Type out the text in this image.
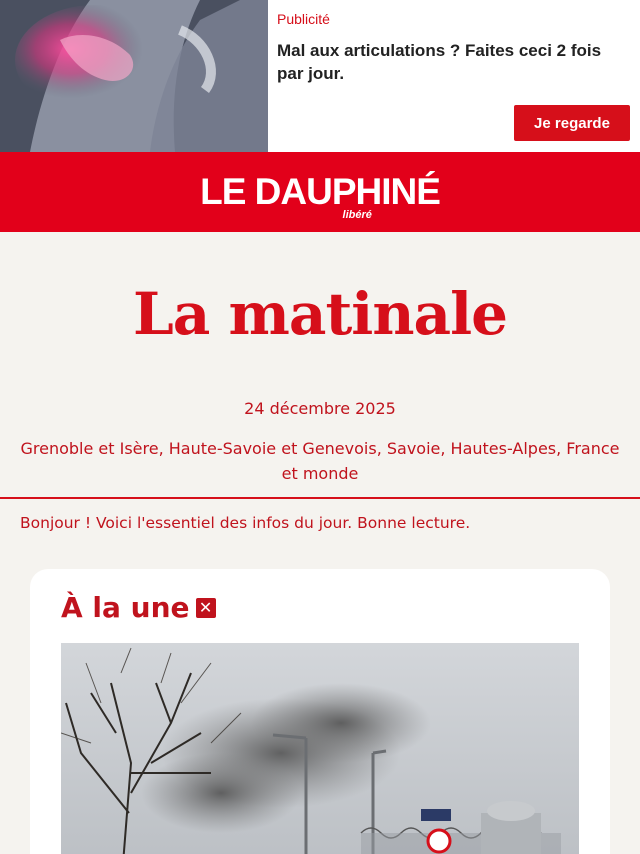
Publicité
Mal aux articulations ? Faites ceci 2 fois par jour.
Je regarde
LE DAUPHINÉ
libéré
La matinale
24 décembre 2025
Grenoble et Isère, Haute-Savoie et Genevois, Savoie, Hautes-Alpes, France et monde
Bonjour ! Voici l'essentiel des infos du jour. Bonne lecture.
À la une ✕
